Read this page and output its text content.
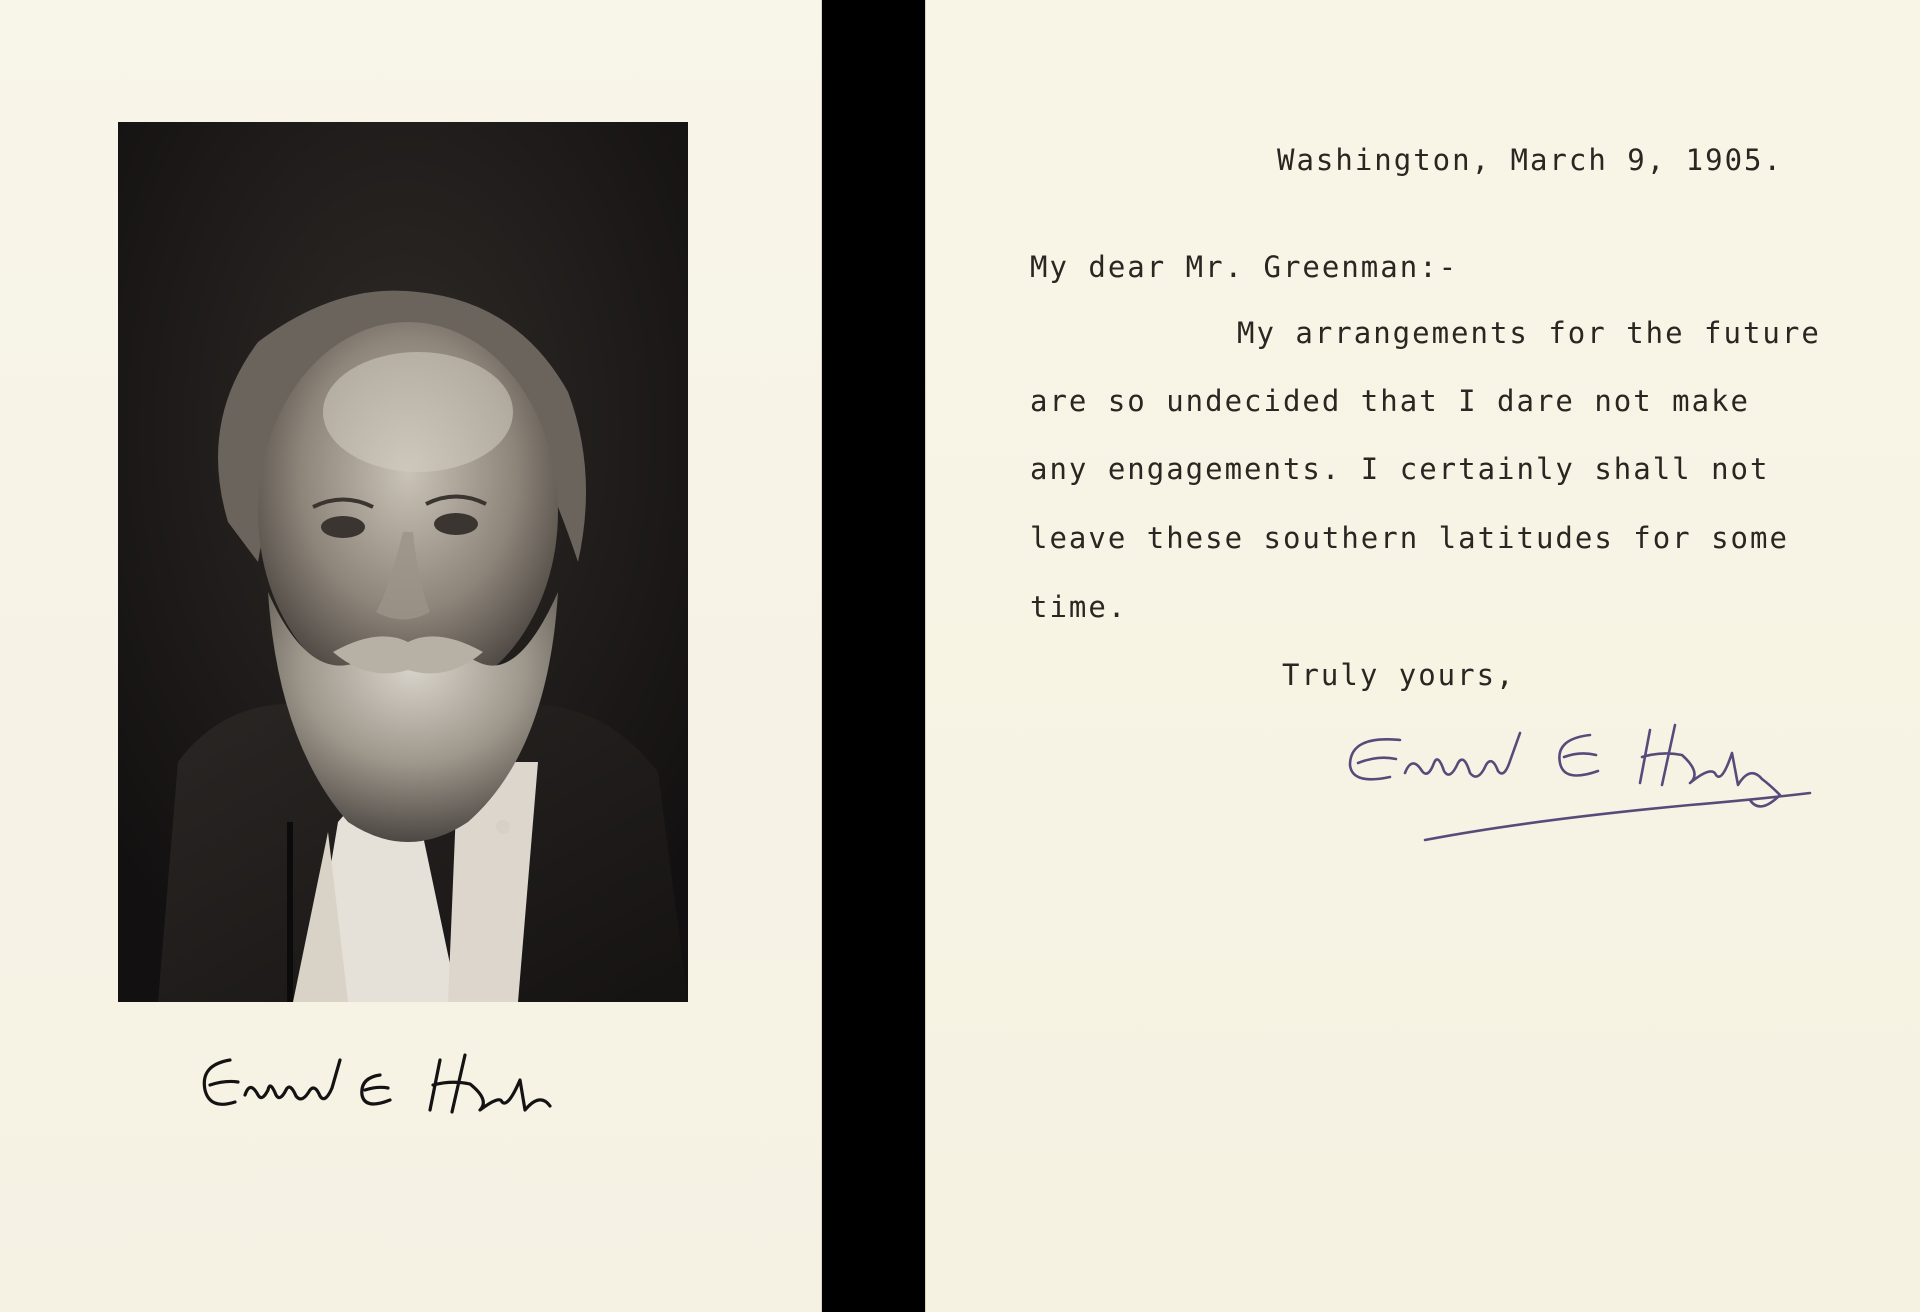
Washington, March 9, 1905.

My dear Mr. Greenman:-

My arrangements for the future

are so undecided that I dare not make

any engagements. I certainly shall not

leave these southern latitudes for some

time.

Truly yours,
